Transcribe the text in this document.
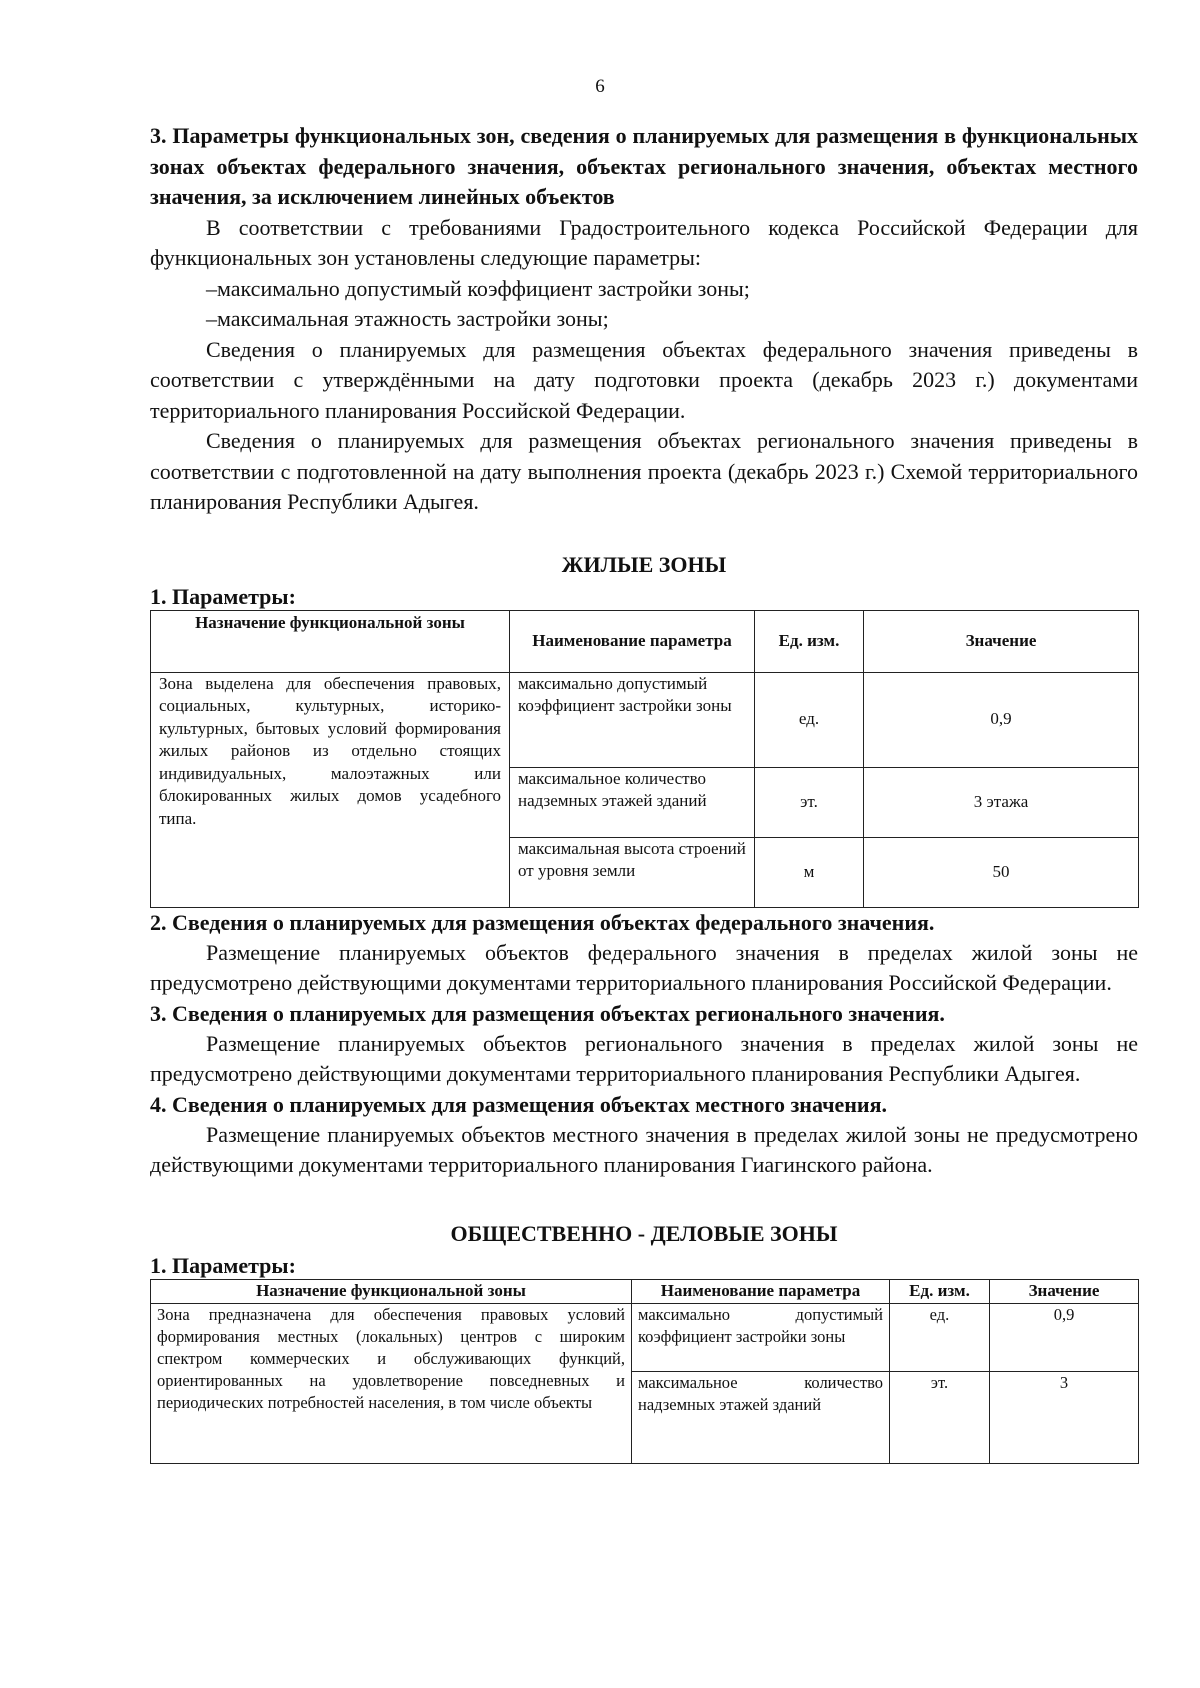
6

3. Параметры функциональных зон, сведения о планируемых для размещения в функциональных зонах объектах федерального значения, объектах регионального значения, объектах местного значения, за исключением линейных объектов

В соответствии с требованиями Градостроительного кодекса Российской Федерации для функциональных зон установлены следующие параметры:

–максимально допустимый коэффициент застройки зоны;

–максимальная этажность застройки зоны;

Сведения о планируемых для размещения объектах федерального значения приведены в соответствии с утверждёнными на дату подготовки проекта (декабрь 2023 г.) документами территориального планирования Российской Федерации.

Сведения о планируемых для размещения объектах регионального значения приведены в соответствии с подготовленной на дату выполнения проекта (декабрь 2023 г.) Схемой территориального планирования Республики Адыгея.

ЖИЛЫЕ ЗОНЫ

1. Параметры:

Назначение функциональной зоны	Наименование параметра	Ед. изм.	Значение
Зона выделена для обеспечения правовых, социальных, культурных, историко-культурных, бытовых условий формирования жилых районов из отдельно стоящих индивидуальных, малоэтажных или блокированных жилых домов усадебного типа.	максимально допустимый коэффициент застройки зоны	ед.	0,9
	максимальное количество надземных этажей зданий	эт.	3 этажа
	максимальная высота строений от уровня земли	м	50

2. Сведения о планируемых для размещения объектах федерального значения.

Размещение планируемых объектов федерального значения в пределах жилой зоны не предусмотрено действующими документами территориального планирования Российской Федерации.

3. Сведения о планируемых для размещения объектах регионального значения.

Размещение планируемых объектов регионального значения в пределах жилой зоны не предусмотрено действующими документами территориального планирования Республики Адыгея.

4. Сведения о планируемых для размещения объектах местного значения.

Размещение планируемых объектов местного значения в пределах жилой зоны не предусмотрено действующими документами территориального планирования Гиагинского района.

ОБЩЕСТВЕННО - ДЕЛОВЫЕ ЗОНЫ

1. Параметры:

Назначение функциональной зоны	Наименование параметра	Ед. изм.	Значение
Зона предназначена для обеспечения правовых условий формирования местных (локальных) центров с широким спектром коммерческих и обслуживающих функций, ориентированных на удовлетворение повседневных и периодических потребностей населения, в том числе объекты	максимально допустимый коэффициент застройки зоны	ед.	0,9
	максимальное количество надземных этажей зданий	эт.	3
